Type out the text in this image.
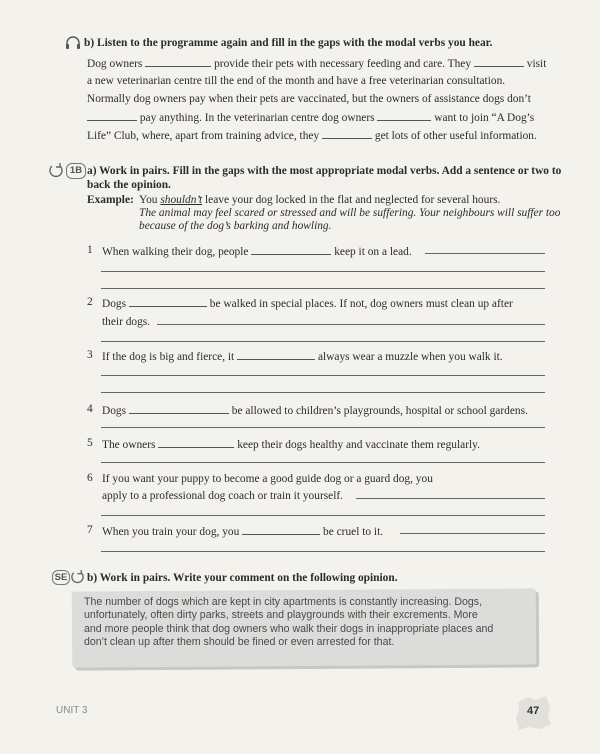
b) Listen to the programme again and fill in the gaps with the modal verbs you hear.
Dog owners	provide their pets with necessary feeding and care. They	visit
a new veterinarian centre till the end of the month and have a free veterinarian consultation.
Normally dog owners pay when their pets are vaccinated, but the owners of assistance dogs don’t
pay anything. In the veterinarian centre dog owners	want to join “A Dog’s
Life” Club, where, apart from training advice, they	get lots of other useful information.
1B a) Work in pairs. Fill in the gaps with the most appropriate modal verbs. Add a sentence or two to
back the opinion.
Example: You shouldn’t leave your dog locked in the flat and neglected for several hours.
The animal may feel scared or stressed and will be suffering. Your neighbours will suffer too
because of the dog’s barking and howling.
1 When walking their dog, people	keep it on a lead.
2 Dogs	be walked in special places. If not, dog owners must clean up after
their dogs.
3 If the dog is big and fierce, it	always wear a muzzle when you walk it.
4 Dogs	be allowed to children’s playgrounds, hospital or school gardens.
5 The owners	keep their dogs healthy and vaccinate them regularly.
6 If you want your puppy to become a good guide dog or a guard dog, you
apply to a professional dog coach or train it yourself.
7 When you train your dog, you	be cruel to it.
SE b) Work in pairs. Write your comment on the following opinion.
The number of dogs which are kept in city apartments is constantly increasing. Dogs,
unfortunately, often dirty parks, streets and playgrounds with their excrements. More
and more people think that dog owners who walk their dogs in inappropriate places and
don’t clean up after them should be fined or even arrested for that.
UNIT 3	47
